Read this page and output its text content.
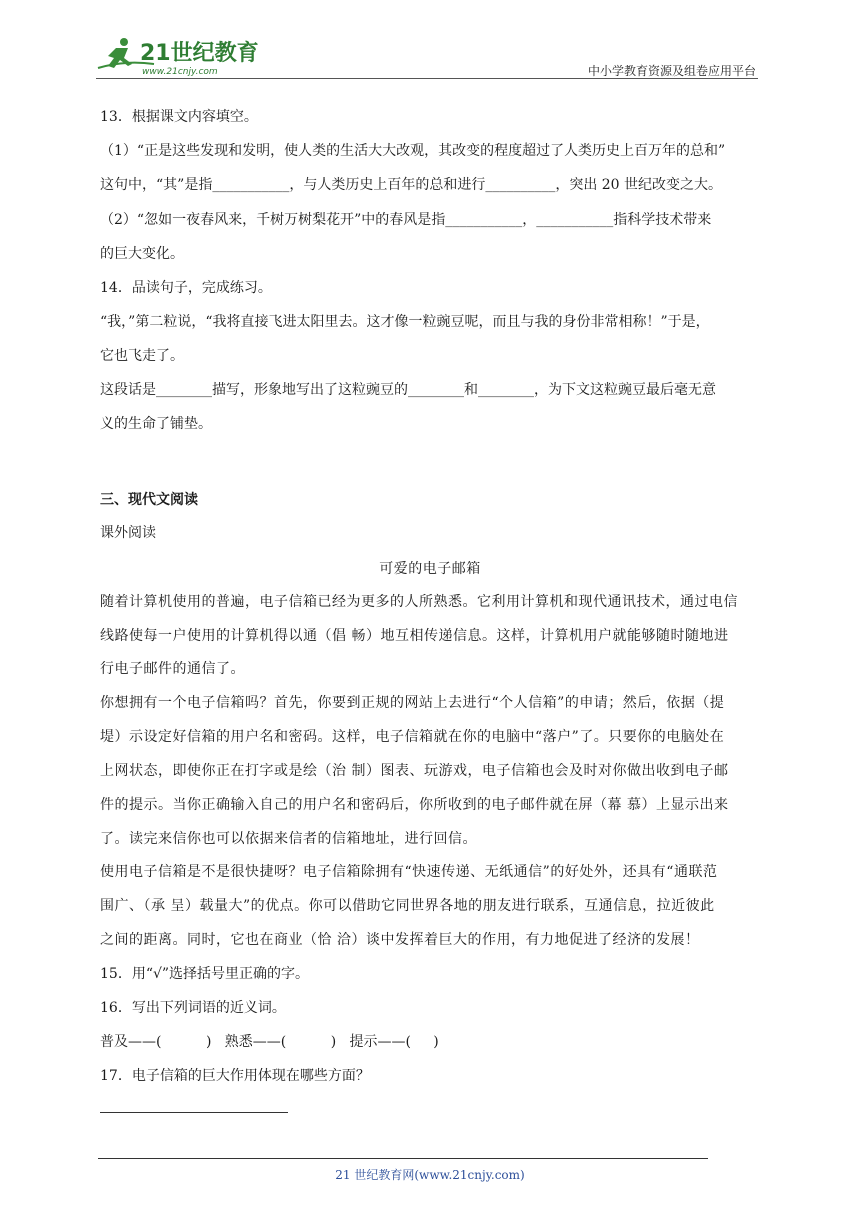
21世纪教育
www.21cnjy.com	中小学教育资源及组卷应用平台
13．根据课文内容填空。
（1）“正是这些发现和发明，使人类的生活大大改观，其改变的程度超过了人类历史上百万年的总和”
这句中，“其”是指___________，与人类历史上百年的总和进行__________，突出 20 世纪改变之大。
（2）“忽如一夜春风来，千树万树梨花开”中的春风是指___________，___________指科学技术带来
的巨大变化。
14．品读句子，完成练习。
“我，”第二粒说，“我将直接飞进太阳里去。这才像一粒豌豆呢，而且与我的身份非常相称！”于是，
它也飞走了。
这段话是________描写，形象地写出了这粒豌豆的________和________，为下文这粒豌豆最后毫无意
义的生命了铺垫。
三、现代文阅读
课外阅读
可爱的电子邮箱
随着计算机使用的普遍，电子信箱已经为更多的人所熟悉。它利用计算机和现代通讯技术，通过电信
线路使每一户使用的计算机得以通（倡 畅）地互相传递信息。这样，计算机用户就能够随时随地进
行电子邮件的通信了。
你想拥有一个电子信箱吗？首先，你要到正规的网站上去进行“个人信箱”的申请；然后，依据（提
堤）示设定好信箱的用户名和密码。这样，电子信箱就在你的电脑中“落户”了。只要你的电脑处在
上网状态，即使你正在打字或是绘（治 制）图表、玩游戏，电子信箱也会及时对你做出收到电子邮
件的提示。当你正确输入自己的用户名和密码后，你所收到的电子邮件就在屏（幕 慕）上显示出来
了。读完来信你也可以依据来信者的信箱地址，进行回信。
使用电子信箱是不是很快捷呀？电子信箱除拥有“快速传递、无纸通信”的好处外，还具有“通联范
围广、（承 呈）载量大”的优点。你可以借助它同世界各地的朋友进行联系，互通信息，拉近彼此
之间的距离。同时，它也在商业（恰 洽）谈中发挥着巨大的作用，有力地促进了经济的发展！
15．用“√”选择括号里正确的字。
16．写出下列词语的近义词。
普及——(          )   熟悉——(          )   提示——(     )
17．电子信箱的巨大作用体现在哪些方面？
21 世纪教育网(www.21cnjy.com)
